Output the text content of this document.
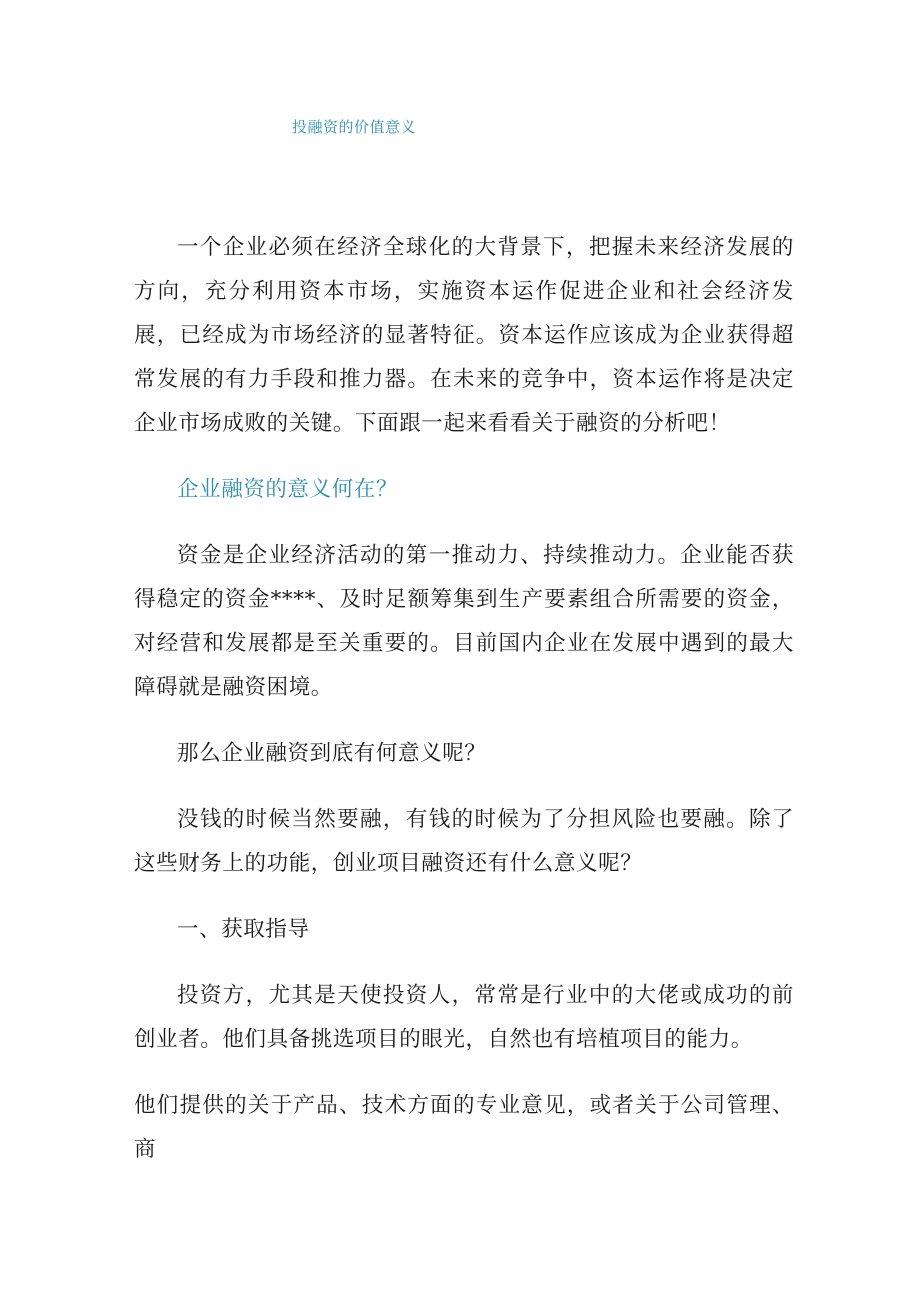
投融资的价值意义

一个企业必须在经济全球化的大背景下，把握未来经济发展的方向，充分利用资本市场，实施资本运作促进企业和社会经济发展，已经成为市场经济的显著特征。资本运作应该成为企业获得超常发展的有力手段和推力器。在未来的竞争中，资本运作将是决定企业市场成败的关键。下面跟一起来看看关于融资的分析吧！

企业融资的意义何在？

资金是企业经济活动的第一推动力、持续推动力。企业能否获得稳定的资金****、及时足额筹集到生产要素组合所需要的资金，对经营和发展都是至关重要的。目前国内企业在发展中遇到的最大障碍就是融资困境。

那么企业融资到底有何意义呢？

没钱的时候当然要融，有钱的时候为了分担风险也要融。除了这些财务上的功能，创业项目融资还有什么意义呢？

一、获取指导

投资方，尤其是天使投资人，常常是行业中的大佬或成功的前创业者。他们具备挑选项目的眼光，自然也有培植项目的能力。

他们提供的关于产品、技术方面的专业意见，或者关于公司管理、商
